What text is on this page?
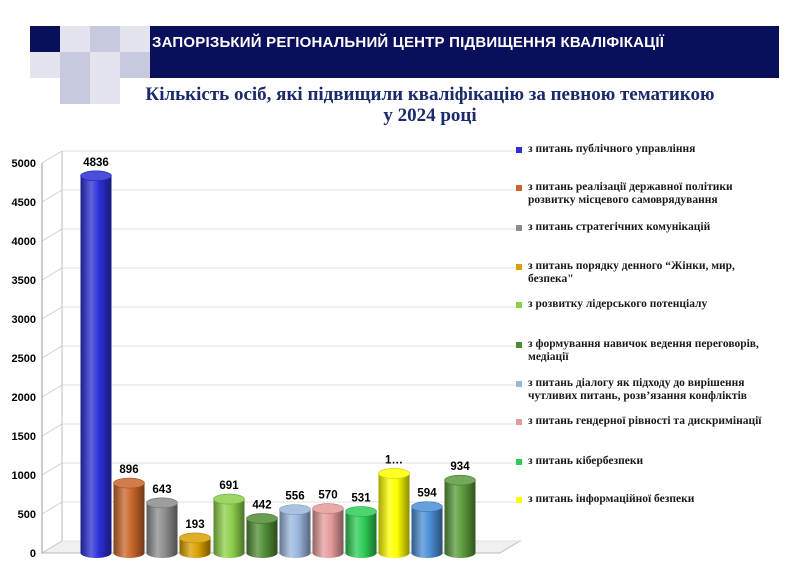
ЗАПОРІЗЬКИЙ РЕГІОНАЛЬНИЙ ЦЕНТР ПІДВИЩЕННЯ КВАЛІФІКАЦІЇ
Кількість осіб, які підвищили кваліфікацію за певною тематикою
у 2024 році
0
500
1000
1500
2000
2500
3000
3500
4000
4500
5000	4836
896
643
193
691
442
556 570 531
1…
594
934
з питань публічного управління
з питань реалізації державної політики розвитку місцевого самоврядування
з питань стратегічних комунікацій
з питань порядку денного “Жінки, мир, безпека"
з розвитку лідерського потенціалу
з формування навичок ведення переговорів, медіації
з питань діалогу як підходу до вирішення чутливих питань, розв’язання конфліктів
з питань гендерної рівності та дискримінації
з питань кібербезпеки
з питань інформаційної безпеки
